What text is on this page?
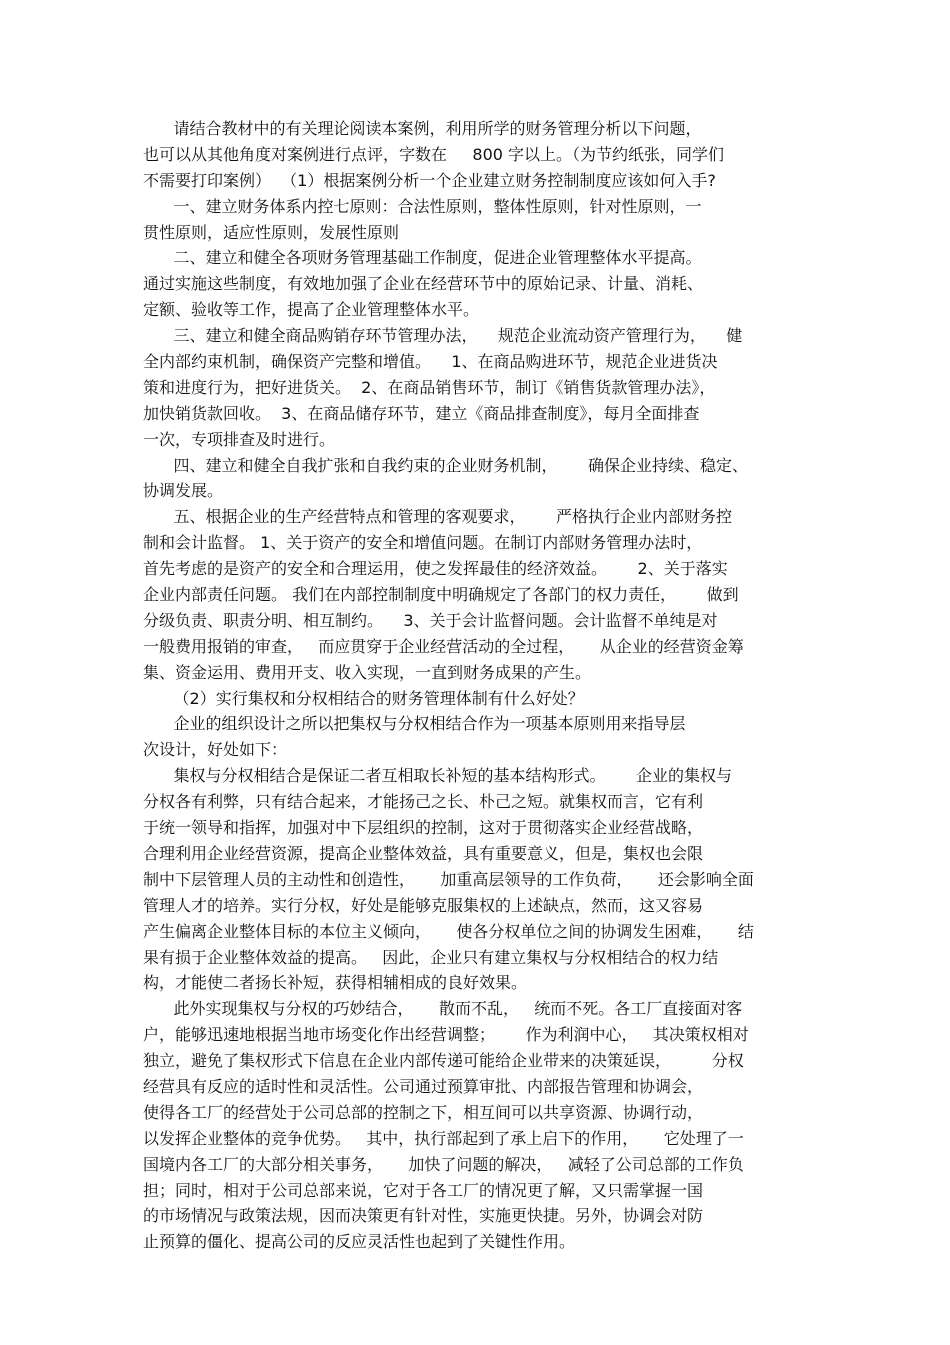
请结合教材中的有关理论阅读本案例，利用所学的财务管理分析以下问题，
也可以从其他角度对案例进行点评，字数在     800 字以上。（为节约纸张，同学们
不需要打印案例）  （1）根据案例分析一个企业建立财务控制制度应该如何入手?
一、建立财务体系内控七原则：合法性原则，整体性原则，针对性原则，一
贯性原则，适应性原则，发展性原则
二、建立和健全各项财务管理基础工作制度，促进企业管理整体水平提高。
通过实施这些制度，有效地加强了企业在经营环节中的原始记录、计量、消耗、
定额、验收等工作，提高了企业管理整体水平。
三、建立和健全商品购销存环节管理办法，    规范企业流动资产管理行为，    健
全内部约束机制，确保资产完整和增值。    1、在商品购进环节，规范企业进货决
策和进度行为，把好进货关。  2、在商品销售环节，制订《销售货款管理办法》，
加快销货款回收。  3、在商品储存环节，建立《商品排查制度》，每月全面排查
一次，专项排查及时进行。
四、建立和健全自我扩张和自我约束的企业财务机制，      确保企业持续、稳定、
协调发展。
五、根据企业的生产经营特点和管理的客观要求，      严格执行企业内部财务控
制和会计监督。 1、关于资产的安全和增值问题。在制订内部财务管理办法时，
首先考虑的是资产的安全和合理运用，使之发挥最佳的经济效益。      2、关于落实
企业内部责任问题。 我们在内部控制制度中明确规定了各部门的权力责任，      做到
分级负责、职责分明、相互制约。    3、关于会计监督问题。会计监督不单纯是对
一般费用报销的审查，   而应贯穿于企业经营活动的全过程，     从企业的经营资金筹
集、资金运用、费用开支、收入实现，一直到财务成果的产生。
（2）实行集权和分权相结合的财务管理体制有什么好处？
企业的组织设计之所以把集权与分权相结合作为一项基本原则用来指导层
次设计，好处如下：
集权与分权相结合是保证二者互相取长补短的基本结构形式。      企业的集权与
分权各有利弊，只有结合起来，才能扬己之长、朴己之短。就集权而言，它有利
于统一领导和指挥，加强对中下层组织的控制，这对于贯彻落实企业经营战略，
合理利用企业经营资源，提高企业整体效益，具有重要意义，但是，集权也会限
制中下层管理人员的主动性和创造性，     加重高层领导的工作负荷，     还会影响全面
管理人才的培养。实行分权，好处是能够克服集权的上述缺点，然而，这又容易
产生偏离企业整体目标的本位主义倾向，     使各分权单位之间的协调发生困难，     结
果有损于企业整体效益的提高。   因此，企业只有建立集权与分权相结合的权力结
构，才能使二者扬长补短，获得相辅相成的良好效果。
此外实现集权与分权的巧妙结合，     散而不乱，   统而不死。各工厂直接面对客
户，能够迅速地根据当地市场变化作出经营调整；      作为利润中心，   其决策权相对
独立，避免了集权形式下信息在企业内部传递可能给企业带来的决策延误，        分权
经营具有反应的适时性和灵活性。公司通过预算审批、内部报告管理和协调会，
使得各工厂的经营处于公司总部的控制之下，相互间可以共享资源、协调行动，
以发挥企业整体的竞争优势。   其中，执行部起到了承上启下的作用，     它处理了一
国境内各工厂的大部分相关事务，     加快了问题的解决，   减轻了公司总部的工作负
担；同时，相对于公司总部来说，它对于各工厂的情况更了解，又只需掌握一国
的市场情况与政策法规，因而决策更有针对性，实施更快捷。另外，协调会对防
止预算的僵化、提高公司的反应灵活性也起到了关键性作用。
